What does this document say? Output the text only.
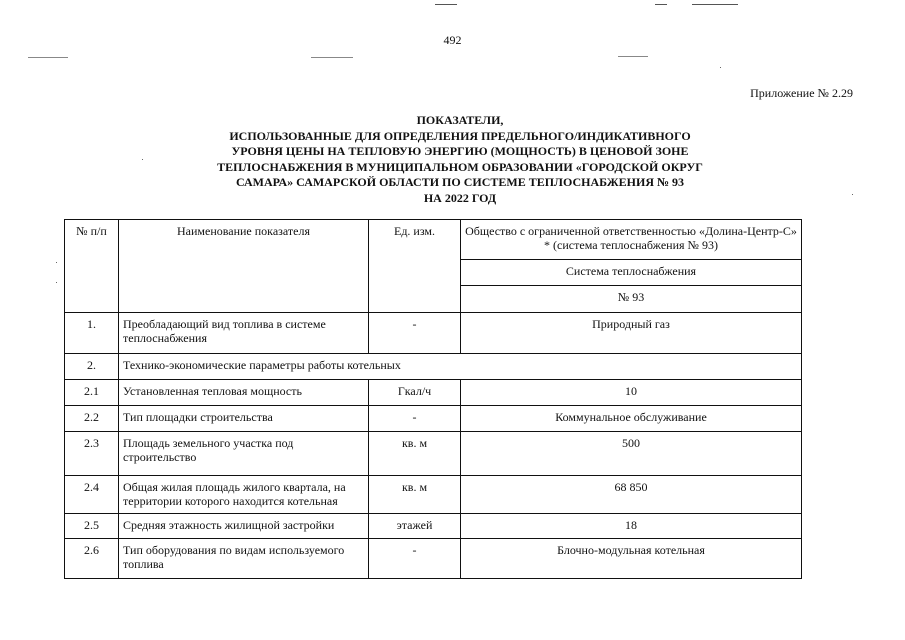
492
Приложение № 2.29
ПОКАЗАТЕЛИ,
ИСПОЛЬЗОВАННЫЕ ДЛЯ ОПРЕДЕЛЕНИЯ ПРЕДЕЛЬНОГО/ИНДИКАТИВНОГО
УРОВНЯ ЦЕНЫ НА ТЕПЛОВУЮ ЭНЕРГИЮ (МОЩНОСТЬ) В ЦЕНОВОЙ ЗОНЕ
ТЕПЛОСНАБЖЕНИЯ В МУНИЦИПАЛЬНОМ ОБРАЗОВАНИИ «ГОРОДСКОЙ ОКРУГ
САМАРА» САМАРСКОЙ ОБЛАСТИ ПО СИСТЕМЕ ТЕПЛОСНАБЖЕНИЯ № 93
НА 2022 ГОД
№ п/п	Наименование показателя	Ед. изм.	Общество с ограниченной ответственностью «Долина-Центр-С» * (система теплоснабжения № 93)
			Система теплоснабжения
			№ 93
1.	Преобладающий вид топлива в системе теплоснабжения	-	Природный газ
2.	Технико-экономические параметры работы котельных		
2.1	Установленная тепловая мощность	Гкал/ч	10
2.2	Тип площадки строительства	-	Коммунальное обслуживание
2.3	Площадь земельного участка под строительство	кв. м	500
2.4	Общая жилая площадь жилого квартала, на территории которого находится котельная	кв. м	68 850
2.5	Средняя этажность жилищной застройки	этажей	18
2.6	Тип оборудования по видам используемого топлива	-	Блочно-модульная котельная
